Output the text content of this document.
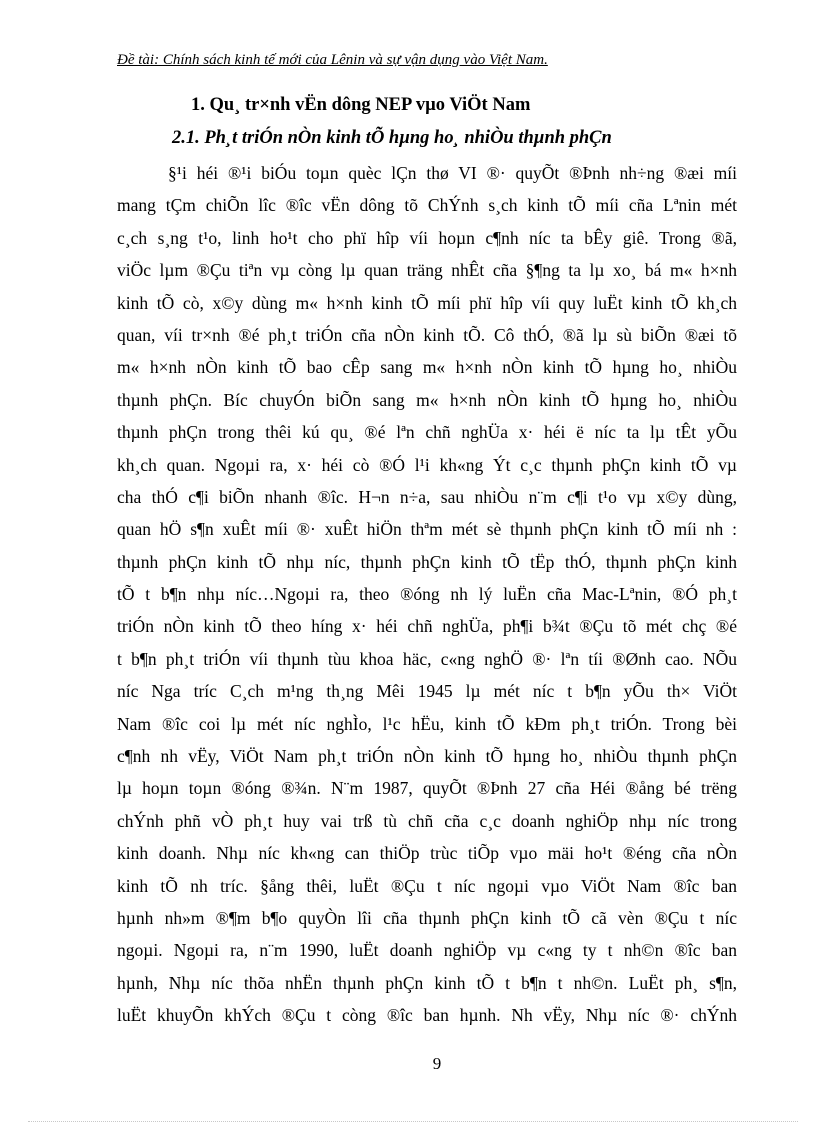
Đề tài: Chính sách kinh tế mới của Lênin và sự vận dụng vào Việt Nam.
1. Qu¸ tr×nh vËn dông NEP vµo ViÖt Nam
2.1. Ph¸t triÓn nÒn kinh tÕ hµng ho¸ nhiÒu thµnh phÇn
§¹i héi ®¹i biÓu toµn quèc lÇn thø VI ®· quyÕt ®Þnh nh÷ng ®æi míi
mang tÇm chiÕn lîc ®îc vËn dông tõ ChÝnh s¸ch kinh tÕ míi cña Lªnin mét
c¸ch s¸ng t¹o, linh ho¹t cho phï hîp víi hoµn c¶nh níc ta bÊy giê. Trong ®ã,
viÖc lµm ®Çu tiªn vµ còng lµ quan träng nhÊt cña §¶ng ta lµ xo¸ bá m« h×nh
kinh tÕ cò, x©y dùng m« h×nh kinh tÕ míi phï hîp víi quy luËt kinh tÕ kh¸ch
quan, víi tr×nh ®é ph¸t triÓn cña nÒn kinh tÕ. Cô thÓ, ®ã lµ sù biÕn ®æi tõ
m« h×nh nÒn kinh tÕ bao cÊp sang m« h×nh nÒn kinh tÕ hµng ho¸ nhiÒu
thµnh phÇn. Bíc chuyÓn biÕn sang m« h×nh nÒn kinh tÕ hµng ho¸ nhiÒu
thµnh phÇn trong thêi kú qu¸ ®é lªn chñ nghÜa x· héi ë níc ta lµ tÊt yÕu
kh¸ch quan. Ngoµi ra, x· héi cò ®Ó l¹i kh«ng Ýt c¸c thµnh phÇn kinh tÕ vµ
cha thÓ c¶i biÕn nhanh ®îc. H¬n n÷a, sau nhiÒu n¨m c¶i t¹o vµ x©y dùng,
quan hÖ s¶n xuÊt míi ®· xuÊt hiÖn thªm mét sè thµnh phÇn kinh tÕ míi nh :
thµnh phÇn kinh tÕ nhµ níc, thµnh phÇn kinh tÕ tËp thÓ, thµnh phÇn kinh
tÕ t b¶n nhµ níc…Ngoµi ra, theo ®óng nh lý luËn cña Mac-Lªnin, ®Ó ph¸t
triÓn nÒn kinh tÕ theo híng x· héi chñ nghÜa, ph¶i b¾t ®Çu tõ mét chç ®é
t b¶n ph¸t triÓn víi thµnh tùu khoa häc, c«ng nghÖ ®· lªn tíi ®Ønh cao. NÕu
níc Nga tríc C¸ch m¹ng th¸ng Mêi 1945 lµ mét níc t b¶n yÕu th× ViÖt
Nam ®îc coi lµ mét níc nghÌo, l¹c hËu, kinh tÕ kÐm ph¸t triÓn. Trong bèi
c¶nh nh vËy, ViÖt Nam ph¸t triÓn nÒn kinh tÕ hµng ho¸ nhiÒu thµnh phÇn
lµ hoµn toµn ®óng ®¾n. N¨m 1987, quyÕt ®Þnh 27 cña Héi ®ång bé trëng
chÝnh phñ vÒ ph¸t huy vai trß tù chñ cña c¸c doanh nghiÖp nhµ níc trong
kinh doanh. Nhµ níc kh«ng can thiÖp trùc tiÕp vµo mäi ho¹t ®éng cña nÒn
kinh tÕ nh tríc. §ång thêi, luËt ®Çu t níc ngoµi vµo ViÖt Nam ®îc ban
hµnh nh»m ®¶m b¶o quyÒn lîi cña thµnh phÇn kinh tÕ cã vèn ®Çu t níc
ngoµi. Ngoµi ra, n¨m 1990, luËt doanh nghiÖp vµ c«ng ty t nh©n ®îc ban
hµnh, Nhµ níc thõa nhËn thµnh phÇn kinh tÕ t b¶n t nh©n. LuËt ph¸ s¶n,
luËt khuyÕn khÝch ®Çu t còng ®îc ban hµnh. Nh vËy, Nhµ níc ®· chÝnh
9
